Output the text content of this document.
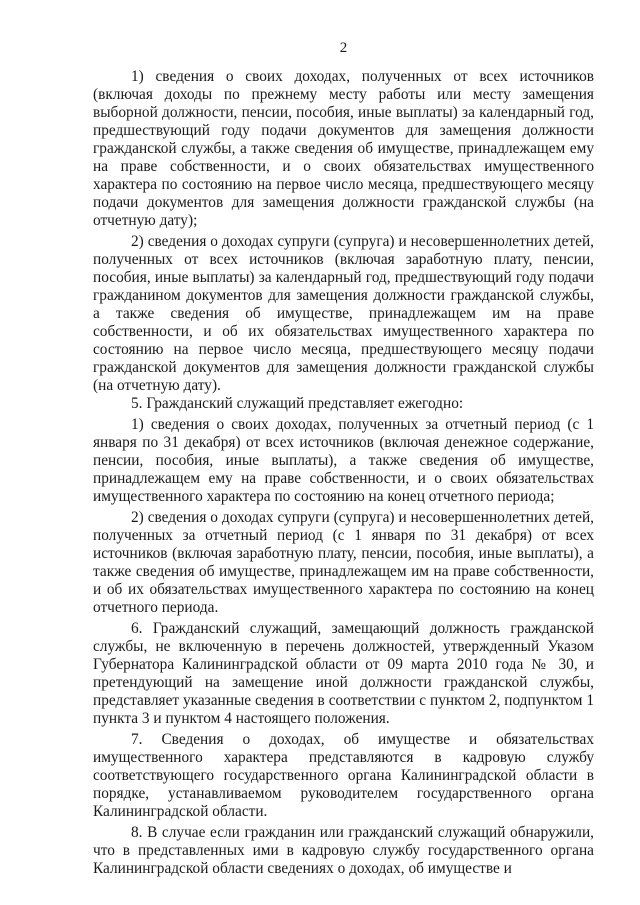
2

1) сведения о своих доходах, полученных от всех источников (включая доходы по прежнему месту работы или месту замещения выборной должности, пенсии, пособия, иные выплаты) за календарный год, предшествующий году подачи документов для замещения должности гражданской службы, а также сведения об имуществе, принадлежащем ему на праве собственности, и о своих обязательствах имущественного характера по состоянию на первое число месяца, предшествующего месяцу подачи документов для замещения должности гражданской службы (на отчетную дату);

2) сведения о доходах супруги (супруга) и несовершеннолетних детей, полученных от всех источников (включая заработную плату, пенсии, пособия, иные выплаты) за календарный год, предшествующий году подачи гражданином документов для замещения должности гражданской службы, а также сведения об имуществе, принадлежащем им на праве собственности, и об их обязательствах имущественного характера по состоянию на первое число месяца, предшествующего месяцу подачи гражданской документов для замещения должности гражданской службы (на отчетную дату).

5. Гражданский служащий представляет ежегодно:

1) сведения о своих доходах, полученных за отчетный период (с 1 января по 31 декабря) от всех источников (включая денежное содержание, пенсии, пособия, иные выплаты), а также сведения об имуществе, принадлежащем ему на праве собственности, и о своих обязательствах имущественного характера по состоянию на конец отчетного периода;

2) сведения о доходах супруги (супруга) и несовершеннолетних детей, полученных за отчетный период (с 1 января по 31 декабря) от всех источников (включая заработную плату, пенсии, пособия, иные выплаты), а также сведения об имуществе, принадлежащем им на праве собственности, и об их обязательствах имущественного характера по состоянию на конец отчетного периода.

6. Гражданский служащий, замещающий должность гражданской службы, не включенную в перечень должностей, утвержденный Указом Губернатора Калининградской области от 09 марта 2010 года № 30, и претендующий на замещение иной должности гражданской службы, представляет указанные сведения в соответствии с пунктом 2, подпунктом 1 пункта 3 и пунктом 4 настоящего положения.

7. Сведения о доходах, об имуществе и обязательствах имущественного характера представляются в кадровую службу соответствующего государственного органа Калининградской области в порядке, устанавливаемом руководителем государственного органа Калининградской области.

8. В случае если гражданин или гражданский служащий обнаружили, что в представленных ими в кадровую службу государственного органа Калининградской области сведениях о доходах, об имуществе и
